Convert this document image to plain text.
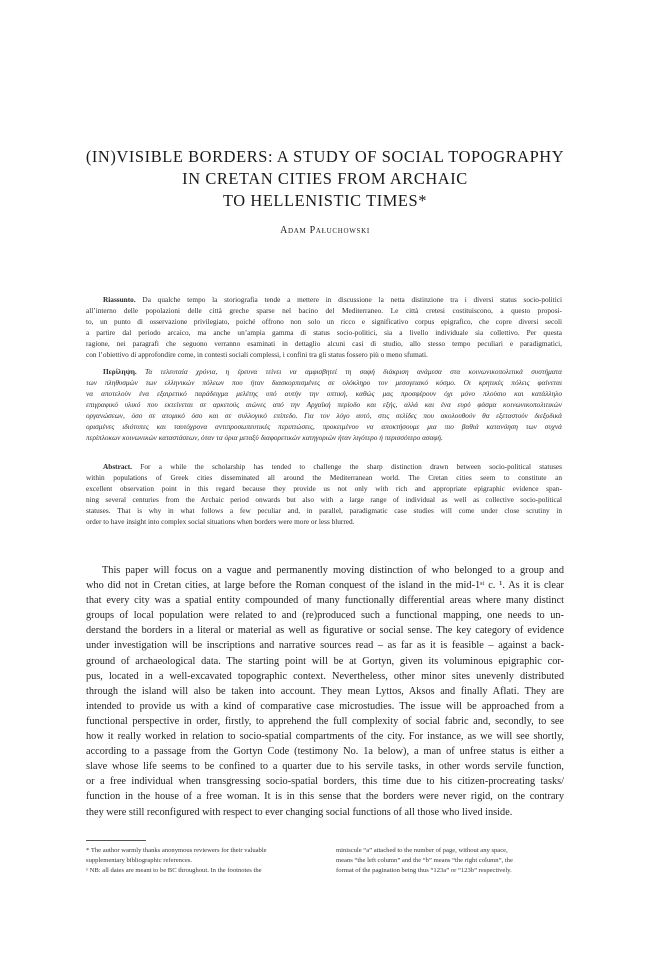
(IN)VISIBLE BORDERS: A STUDY OF SOCIAL TOPOGRAPHY
IN CRETAN CITIES FROM ARCHAIC
TO HELLENISTIC TIMES*
Adam Pałuchowski
Riassunto. Da qualche tempo la storiografia tende a mettere in discussione la netta distinzione tra i diversi status socio-politici
all’interno delle popolazioni delle città greche sparse nel bacino del Mediterraneo. Le città cretesi costituiscono, a questo proposi-
to, un punto di osservazione privilegiato, poiché offrono non solo un ricco e significativo corpus epigrafico, che copre diversi secoli
a partire dal periodo arcaico, ma anche un’ampia gamma di status socio-politici, sia a livello individuale sia collettivo. Per questa
ragione, nei paragrafi che seguono verranno esaminati in dettaglio alcuni casi di studio, allo stesso tempo peculiari e paradigmatici,
con l’obiettivo di approfondire come, in contesti sociali complessi, i confini tra gli status fossero più o meno sfumati.
Περίληψη. Τα τελευταία χρόνια, η έρευνα τείνει να αμφισβητεί τη σαφή διάκριση ανάμεσα στα κοινωνικοπολιτικά συστήματα
των πληθυσμών των ελληνικών πόλεων που ήταν διασκορπισμένες σε ολόκληρο τον μεσογειακό κόσμο. Οι κρητικές πόλεις φαίνεται
να αποτελούν ένα εξαιρετικό παράδειγμα μελέτης υπό αυτήν την οπτική, καθώς μας προσφέρουν όχι μόνο πλούσιο και κατάλληλο
επιγραφικό υλικό που εκτείνεται σε αρκετούς αιώνες από την Αρχαϊκή περίοδο και εξής, αλλά και ένα ευρύ φάσμα κοινωνικοπολιτικών
οργανώσεων, όσο σε ατομικό όσο και σε συλλογικό επίπεδο. Για τον λόγο αυτό, στις σελίδες που ακολουθούν θα εξεταστούν διεξοδικά
ορισμένες ιδιότυπες και ταυτόχρονα αντιπροσωπευτικές περιπτώσεις, προκειμένου να αποκτήσουμε μια πιο βαθιά κατανόηση των συχνά
περίπλοκων κοινωνικών καταστάσεων, όταν τα όρια μεταξύ διαφορετικών κατηγοριών ήταν λιγότερο ή περισσότερο ασαφή.
Abstract. For a while the scholarship has tended to challenge the sharp distinction drawn between socio-political statuses
within populations of Greek cities disseminated all around the Mediterranean world. The Cretan cities seem to constitute an
excellent observation point in this regard because they provide us not only with rich and appropriate epigraphic evidence span-
ning several centuries from the Archaic period onwards but also with a large range of individual as well as collective socio-political
statuses. That is why in what follows a few peculiar and, in parallel, paradigmatic case studies will come under close scrutiny in
order to have insight into complex social situations when borders were more or less blurred.
This paper will focus on a vague and permanently moving distinction of who belonged to a group and
who did not in Cretan cities, at large before the Roman conquest of the island in the mid-1ˢᵗ c. ¹. As it is clear
that every city was a spatial entity compounded of many functionally differential areas where many distinct
groups of local population were related to and (re)produced such a functional mapping, one needs to un-
derstand the borders in a literal or material as well as figurative or social sense. The key category of evidence
under investigation will be inscriptions and narrative sources read – as far as it is feasible – against a back-
ground of archaeological data. The starting point will be at Gortyn, given its voluminous epigraphic cor-
pus, located in a well-excavated topographic context. Nevertheless, other minor sites unevenly distributed
through the island will also be taken into account. They mean Lyttos, Aksos and finally Aflati. They are
intended to provide us with a kind of comparative case microstudies. The issue will be approached from a
functional perspective in order, firstly, to apprehend the full complexity of social fabric and, secondly, to see
how it really worked in relation to socio-spatial compartments of the city. For instance, as we will see shortly,
according to a passage from the Gortyn Code (testimony No. 1a below), a man of unfree status is either a
slave whose life seems to be confined to a quarter due to his servile tasks, in other words servile function,
or a free individual when transgressing socio-spatial borders, this time due to his citizen-procreating tasks/
function in the house of a free woman. It is in this sense that the borders were never rigid, on the contrary
they were still reconfigured with respect to ever changing social functions of all those who lived inside.
* The author warmly thanks anonymous reviewers for their valuable
supplementary bibliographic references.
¹ NB: all dates are meant to be BC throughout. In the footnotes the
miniscule “a” attached to the number of page, without any space,
means “the left column” and the “b” means “the right column”, the
format of the pagination being thus “123a” or “123b” respectively.
